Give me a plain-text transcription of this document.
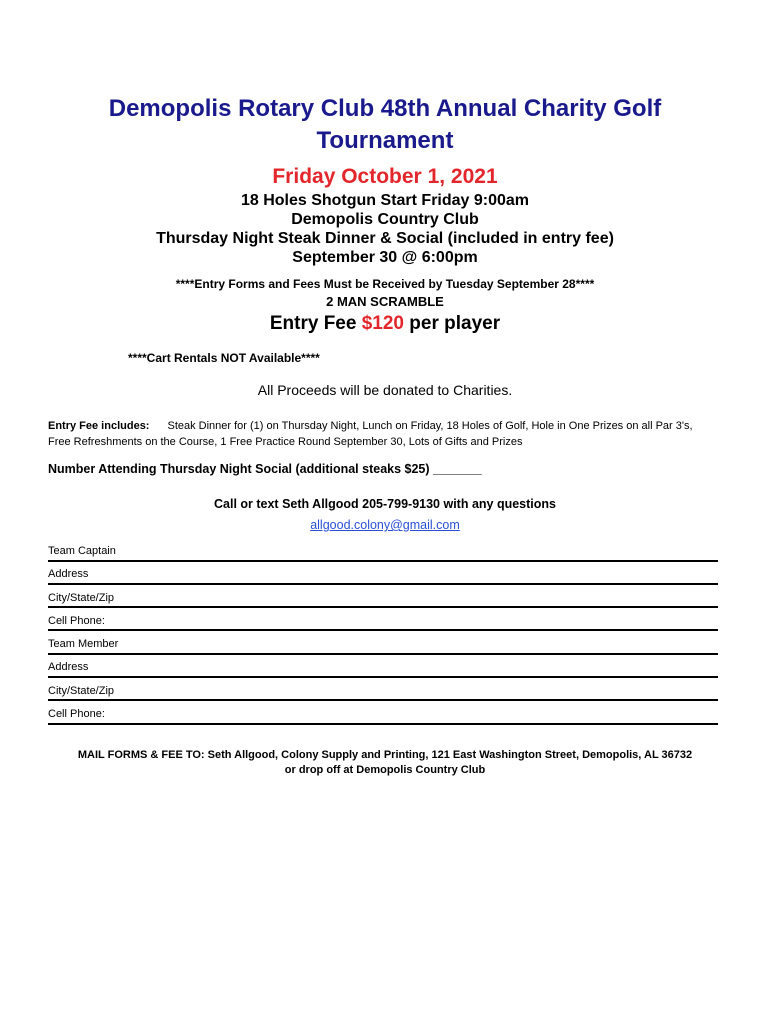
Demopolis Rotary Club 48th Annual Charity Golf Tournament
Friday October 1, 2021
18 Holes Shotgun Start Friday 9:00am
Demopolis Country Club
Thursday Night Steak Dinner & Social (included in entry fee)
September 30 @ 6:00pm
****Entry Forms and Fees Must be Received by Tuesday September 28****
2 MAN SCRAMBLE
Entry Fee $120 per player
****Cart Rentals NOT Available****
All Proceeds will be donated to Charities.
Entry Fee includes: Steak Dinner for (1) on Thursday Night, Lunch on Friday, 18 Holes of Golf, Hole in One Prizes on all Par 3's, Free Refreshments on the Course, 1 Free Practice Round September 30, Lots of Gifts and Prizes
Number Attending Thursday Night Social (additional steaks $25) _______
Call or text Seth Allgood 205-799-9130 with any questions
allgood.colony@gmail.com
Team Captain
Address
City/State/Zip
Cell Phone:
Team Member
Address
City/State/Zip
Cell Phone:
MAIL FORMS & FEE TO: Seth Allgood, Colony Supply and Printing, 121 East Washington Street, Demopolis, AL 36732
or drop off at Demopolis Country Club
